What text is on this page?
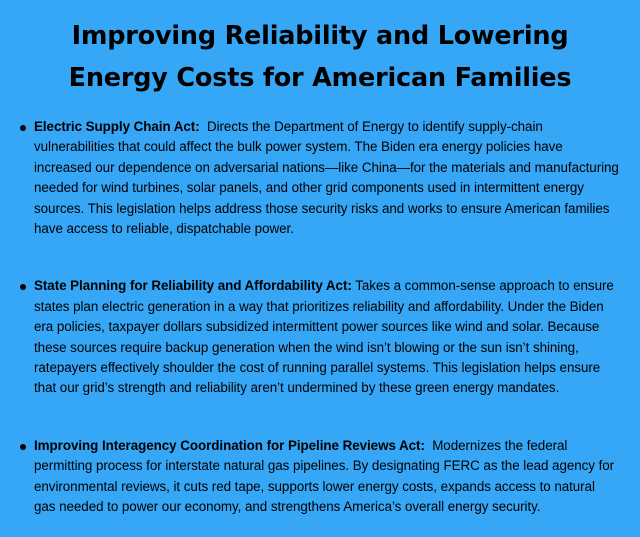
Improving Reliability and Lowering
Energy Costs for American Families
Electric Supply Chain Act: Directs the Department of Energy to identify supply-chain vulnerabilities that could affect the bulk power system. The Biden era energy policies have increased our dependence on adversarial nations—like China—for the materials and manufacturing needed for wind turbines, solar panels, and other grid components used in intermittent energy sources. This legislation helps address those security risks and works to ensure American families have access to reliable, dispatchable power.
State Planning for Reliability and Affordability Act: Takes a common-sense approach to ensure states plan electric generation in a way that prioritizes reliability and affordability. Under the Biden era policies, taxpayer dollars subsidized intermittent power sources like wind and solar. Because these sources require backup generation when the wind isn’t blowing or the sun isn’t shining, ratepayers effectively shoulder the cost of running parallel systems. This legislation helps ensure that our grid’s strength and reliability aren’t undermined by these green energy mandates.
Improving Interagency Coordination for Pipeline Reviews Act: Modernizes the federal permitting process for interstate natural gas pipelines. By designating FERC as the lead agency for environmental reviews, it cuts red tape, supports lower energy costs, expands access to natural gas needed to power our economy, and strengthens America’s overall energy security.
